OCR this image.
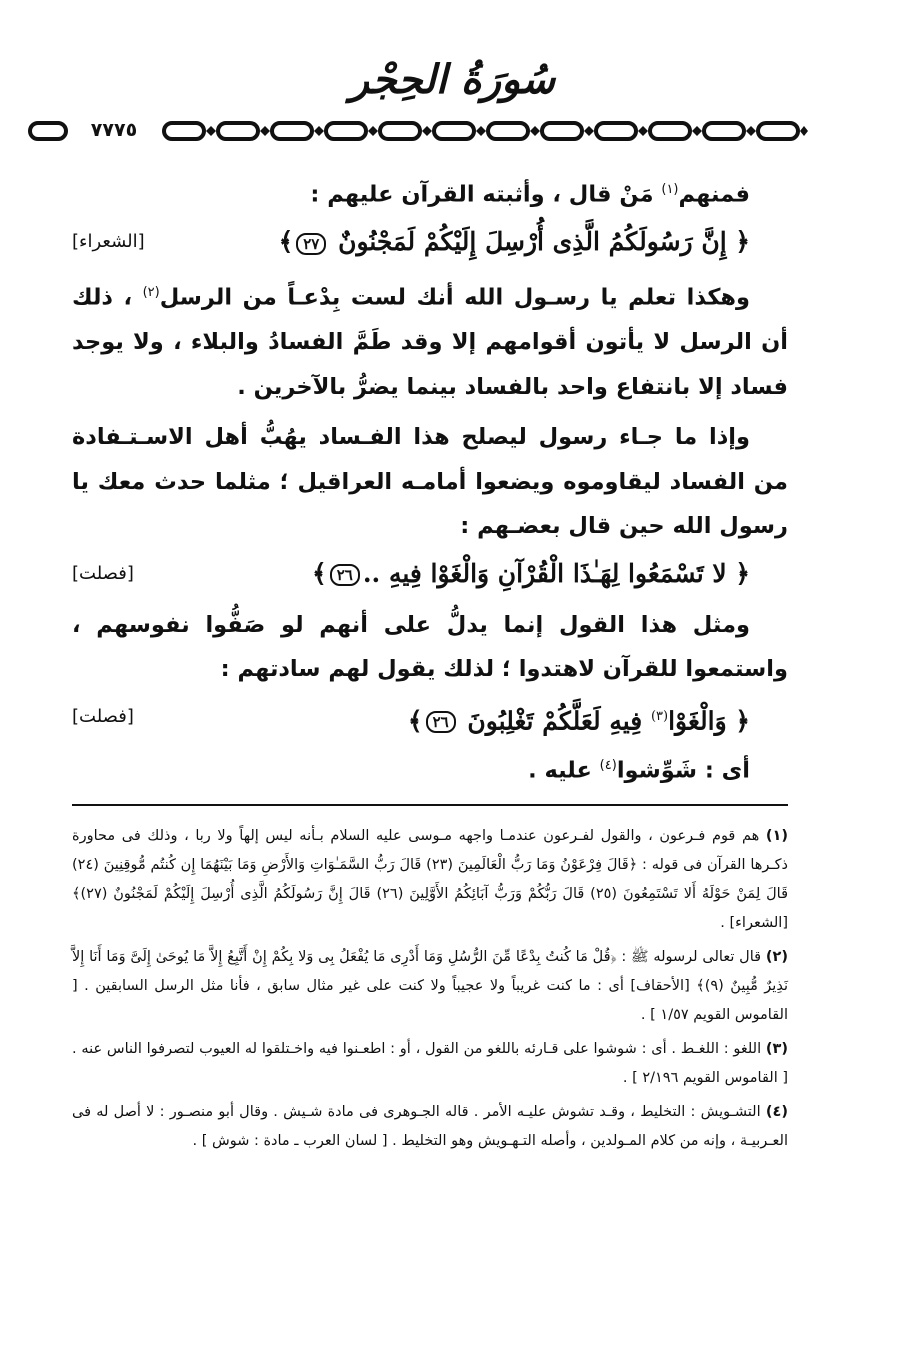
سُورَةُ الحِجْر
٧٧٧٥

فمنهم$^{(١)}$ مَنْ قال ، وأثبته القرآن عليهم :

﴿ إِنَّ رَسُولَكُمُ الَّذِى أُرْسِلَ إِلَيْكُمْ لَمَجْنُونٌ ٢٧﴾
[الشعراء]

وهكذا تعلم يا رسـول الله أنك لست بِدْعـاً من الرسل$^{(٢)}$ ، ذلك أن الرسل لا يأتون أقوامهم إلا وقد طَمَّ الفسادُ والبلاء ، ولا يوجد فساد إلا بانتفاع واحد بالفساد بينما يضرُّ بالآخرين .

وإذا ما جـاء رسول ليصلح هذا الفـساد يهُبُّ أهل الاسـتـفادة من الفساد ليقاوموه ويضعوا أمامـه العراقيل ؛ مثلما حدث معك يا رسول الله حين قال بعضـهم :

﴿ لا تَسْمَعُوا لِهَـٰذَا الْقُرْآنِ وَالْغَوْا فِيهِ ..٢٦﴾
[فصلت]

ومثل هذا القول إنما يدلُّ على أنهم لو صَفُّوا نفوسهم ، واستمعوا للقرآن لاهتدوا ؛ لذلك يقول لهم سادتهم :

﴿ وَالْغَوْا$^{(٣)}$ فِيهِ لَعَلَّكُمْ تَغْلِبُونَ ٢٦﴾
[فصلت]

أى : شَوِّشوا$^{(٤)}$ عليه .

(١) هم قوم فـرعون ، والقول لفـرعون عندمـا واجهه مـوسى عليه السلام بـأنه ليس إلهاً ولا ربا ، وذلك فى محاورة ذكـرها القرآن فى قوله : ﴿قَالَ فِرْعَوْنُ وَمَا رَبُّ الْعَالَمِينَ (٢٣) قَالَ رَبُّ السَّمَـٰوَاتِ وَالأَرْضِ وَمَا بَيْنَهُمَا إِن كُنتُم مُّوقِنِينَ (٢٤) قَالَ لِمَنْ حَوْلَهُ أَلا تَسْتَمِعُونَ (٢٥) قَالَ رَبُّكُمْ وَرَبُّ آبَائِكُمُ الأَوَّلِينَ (٢٦) قَالَ إِنَّ رَسُولَكُمُ الَّذِى أُرْسِلَ إِلَيْكُمْ لَمَجْنُونٌ (٢٧)﴾ [الشعراء] .

(٢) قال تعالى لرسوله ﷺ : ﴿قُلْ مَا كُنتُ بِدْعًا مِّنَ الرُّسُلِ وَمَا أَدْرِى مَا يُفْعَلُ بِى وَلا بِكُمْ إِنْ أَتَّبِعُ إِلاَّ مَا يُوحَىٰ إِلَىَّ وَمَا أَنَا إِلاَّ نَذِيرٌ مُّبِينٌ (٩)﴾ [الأحقاف] أى : ما كنت غريباً ولا عجيباً ولا كنت على غير مثال سابق ، فأنا مثل الرسل السابقين . [ القاموس القويم ١/٥٧ ] .

(٣) اللغو : اللغـط . أى : شوشوا على قـارئه باللغو من القول ، أو : اطعـنوا فيه واخـتلقوا له العيوب لتصرفوا الناس عنه . [ القاموس القويم ٢/١٩٦ ] .

(٤) التشـويش : التخليط ، وقـد تشوش عليـه الأمر . قاله الجـوهرى فى مادة شـيش . وقال أبو منصـور : لا أصل له فى العـربيـة ، وإنه من كلام المـولدين ، وأصله التـهـويش وهو التخليط . [ لسان العرب ـ مادة : شوش ] .
